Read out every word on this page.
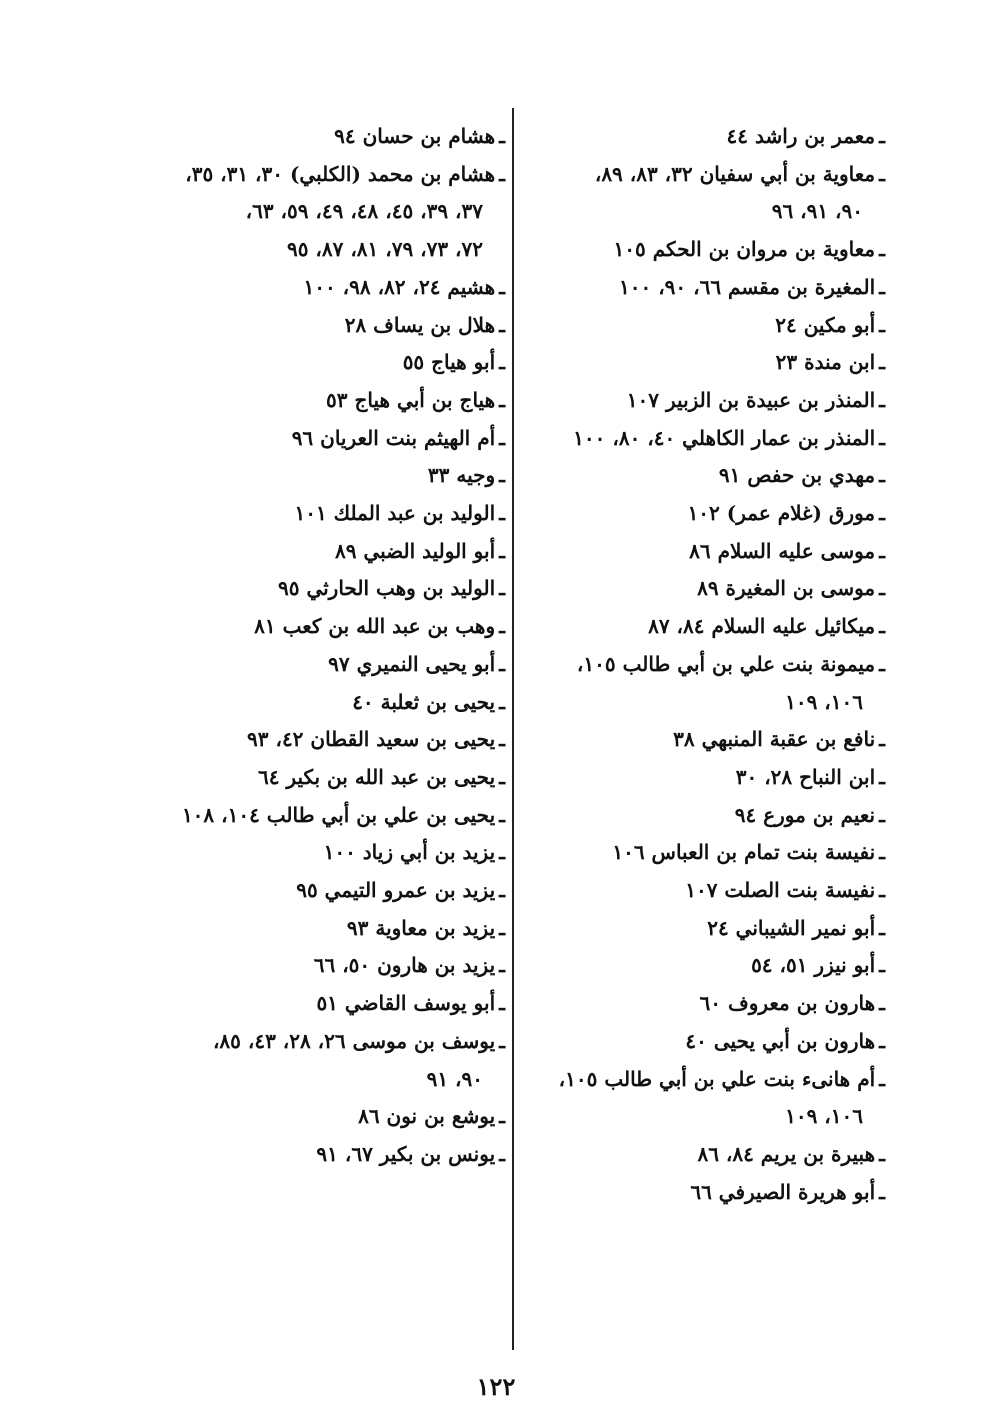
ـمعمر بن راشد ٤٤
ـمعاوية بن أبي سفيان ٣٢، ٨٣، ٨٩،
٩٠، ٩١، ٩٦
ـمعاوية بن مروان بن الحكم ١٠٥
ـالمغيرة بن مقسم ٦٦، ٩٠، ١٠٠
ـأبو مكين ٢٤
ـابن مندة ٢٣
ـالمنذر بن عبيدة بن الزبير ١٠٧
ـالمنذر بن عمار الكاهلي ٤٠، ٨٠، ١٠٠
ـمهدي بن حفص ٩١
ـمورق (غلام عمر) ١٠٢
ـموسى عليه السلام ٨٦
ـموسى بن المغيرة ٨٩
ـميكائيل عليه السلام ٨٤، ٨٧
ـميمونة بنت علي بن أبي طالب ١٠٥،
١٠٦، ١٠٩
ـنافع بن عقبة المنبهي ٣٨
ـابن النباح ٢٨، ٣٠
ـنعيم بن مورع ٩٤
ـنفيسة بنت تمام بن العباس ١٠٦
ـنفيسة بنت الصلت ١٠٧
ـأبو نمير الشيباني ٢٤
ـأبو نيزر ٥١، ٥٤
ـهارون بن معروف ٦٠
ـهارون بن أبي يحيى ٤٠
ـأم هانىء بنت علي بن أبي طالب ١٠٥،
١٠٦، ١٠٩
ـهبيرة بن يريم ٨٤، ٨٦
ـأبو هريرة الصيرفي ٦٦
ـهشام بن حسان ٩٤
ـهشام بن محمد (الكلبي) ٣٠، ٣١، ٣٥،
٣٧، ٣٩، ٤٥، ٤٨، ٤٩، ٥٩، ٦٣،
٧٢، ٧٣، ٧٩، ٨١، ٨٧، ٩٥
ـهشيم ٢٤، ٨٢، ٩٨، ١٠٠
ـهلال بن يساف ٢٨
ـأبو هياج ٥٥
ـهياج بن أبي هياج ٥٣
ـأم الهيثم بنت العريان ٩٦
ـوجيه ٣٣
ـالوليد بن عبد الملك ١٠١
ـأبو الوليد الضبي ٨٩
ـالوليد بن وهب الحارثي ٩٥
ـوهب بن عبد الله بن كعب ٨١
ـأبو يحيى النميري ٩٧
ـيحيى بن ثعلبة ٤٠
ـيحيى بن سعيد القطان ٤٢، ٩٣
ـيحيى بن عبد الله بن بكير ٦٤
ـيحيى بن علي بن أبي طالب ١٠٤، ١٠٨
ـيزيد بن أبي زياد ١٠٠
ـيزيد بن عمرو التيمي ٩٥
ـيزيد بن معاوية ٩٣
ـيزيد بن هارون ٥٠، ٦٦
ـأبو يوسف القاضي ٥١
ـيوسف بن موسى ٢٦، ٢٨، ٤٣، ٨٥،
٩٠، ٩١
ـيوشع بن نون ٨٦
ـيونس بن بكير ٦٧، ٩١
١٢٢
